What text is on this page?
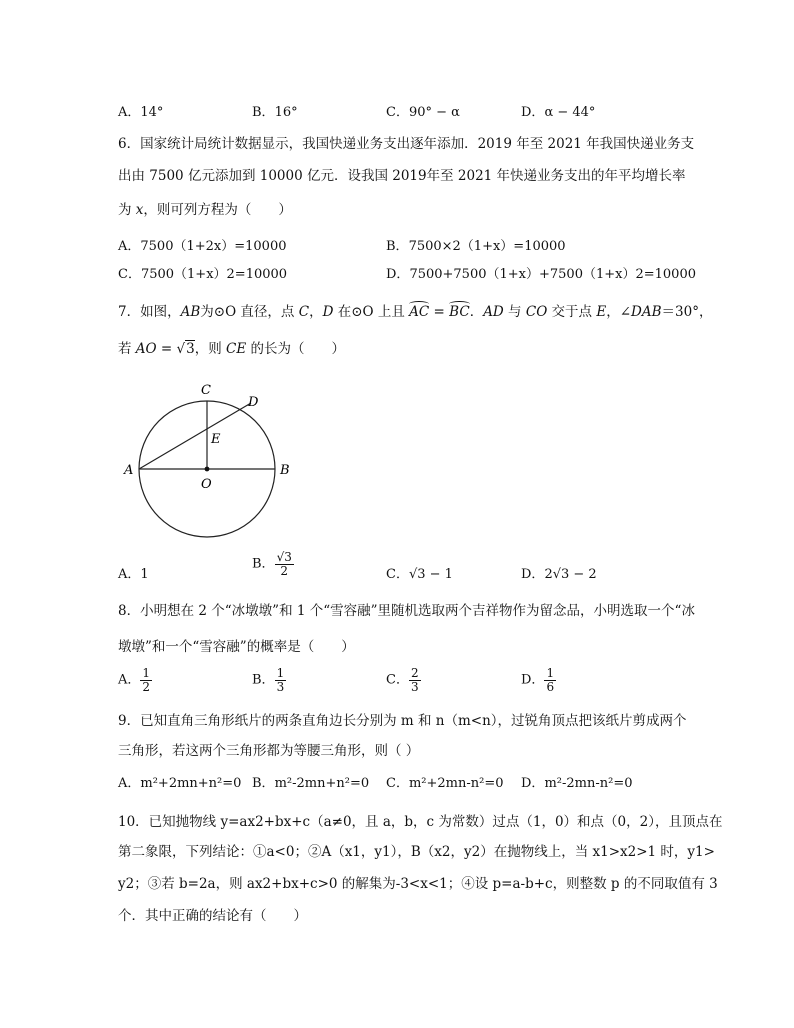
A．14°	B．16°	C．90° − α	D．α − 44°
6．国家统计局统计数据显示，我国快递业务支出逐年添加．2019 年至 2021 年我国快递业务支
出由 7500 亿元添加到 10000 亿元．设我国 2019年至 2021 年快递业务支出的年平均增长率
为 x，则可列方程为（　　）
A．7500（1+2x）=10000	B．7500×2（1+x）=10000
C．7500（1+x）2=10000	D．7500+7500（1+x）+7500（1+x）2=10000
7．如图，AB为⊙O 直径，点 C，D 在⊙O 上且 AC = BC．AD 与 CO 交于点 E，∠DAB＝30°，
若 AO = √3，则 CE 的长为（　　）
A	B
C
D
E
O
A．1
B． $\frac{√3}{2}$	C．√3 − 1	D．2√3 − 2
8．小明想在 2 个“冰墩墩”和 1 个“雪容融”里随机选取两个吉祥物作为留念品，小明选取一个“冰
墩墩”和一个“雪容融”的概率是（　　）
A． $\frac{1}{2}$	B． $\frac{1}{3}$	C． $\frac{2}{3}$	D． $\frac{1}{6}$
9．已知直角三角形纸片的两条直角边长分别为 m 和 n（m<n），过锐角顶点把该纸片剪成两个
三角形，若这两个三角形都为等腰三角形，则（ ）
A．m²+2mn+n²=0 B．m²-2mn+n²=0 C．m²+2mn-n²=0 D．m²-2mn-n²=0
10．已知抛物线 y=ax2+bx+c（a≠0，且 a，b，c 为常数）过点（1，0）和点（0，2），且顶点在
第二象限，下列结论：①a<0；②A（x1，y1），B（x2，y2）在抛物线上，当 x1>x2>1 时，y1>
y2；③若 b=2a，则 ax2+bx+c>0 的解集为-3<x<1；④设 p=a-b+c，则整数 p 的不同取值有 3
个．其中正确的结论有（　　）
